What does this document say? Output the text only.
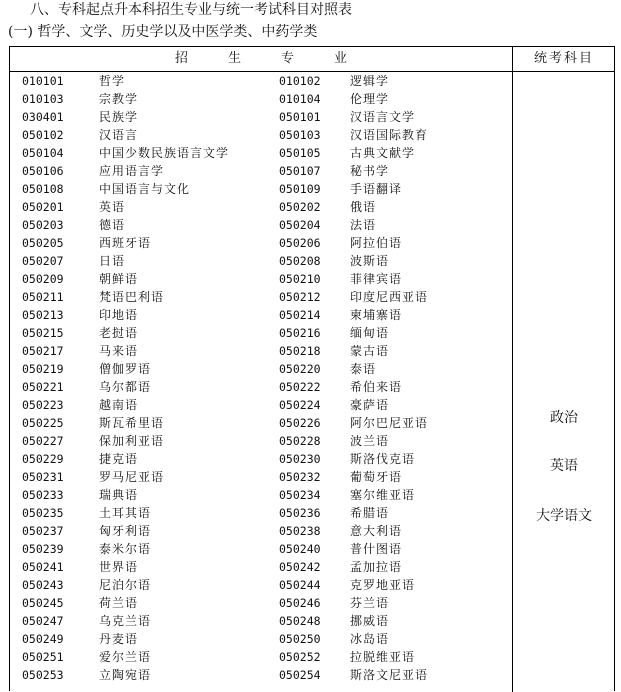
八、专科起点升本科招生专业与统一考试科目对照表
(一) 哲学、文学、历史学以及中医学类、中药学类
招生专业	统考科目
010101	哲学	010102 逻辑学
010103	宗教学	010104 伦理学
030401	民族学	050101 汉语言文学
050102	汉语言	050103 汉语国际教育
050104	中国少数民族语言文学	050105 古典文献学
050106	应用语言学	050107 秘书学
050108	中国语言与文化	050109 手语翻译
050201	英语	050202 俄语
050203	德语	050204 法语
050205	西班牙语	050206 阿拉伯语
050207	日语	050208 波斯语
050209	朝鲜语	050210 菲律宾语
050211	梵语巴利语	050212 印度尼西亚语
050213	印地语	050214 柬埔寨语
050215	老挝语	050216 缅甸语
050217	马来语	050218 蒙古语
050219	僧伽罗语	050220 泰语
050221	乌尔都语	050222 希伯来语
050223	越南语	050224 豪萨语
050225	斯瓦希里语	050226 阿尔巴尼亚语
050227	保加利亚语	050228 波兰语
050229	捷克语	050230 斯洛伐克语
050231	罗马尼亚语	050232 葡萄牙语
050233	瑞典语	050234 塞尔维亚语
050235	土耳其语	050236 希腊语
050237	匈牙利语	050238 意大利语
050239	泰米尔语	050240 普什图语
050241	世界语	050242 孟加拉语
050243	尼泊尔语	050244 克罗地亚语
050245	荷兰语	050246 芬兰语
050247	乌克兰语	050248 挪威语
050249	丹麦语	050250 冰岛语
050251	爱尔兰语	050252 拉脱维亚语
050253	立陶宛语	050254 斯洛文尼亚语
政治
英语
大学语文
